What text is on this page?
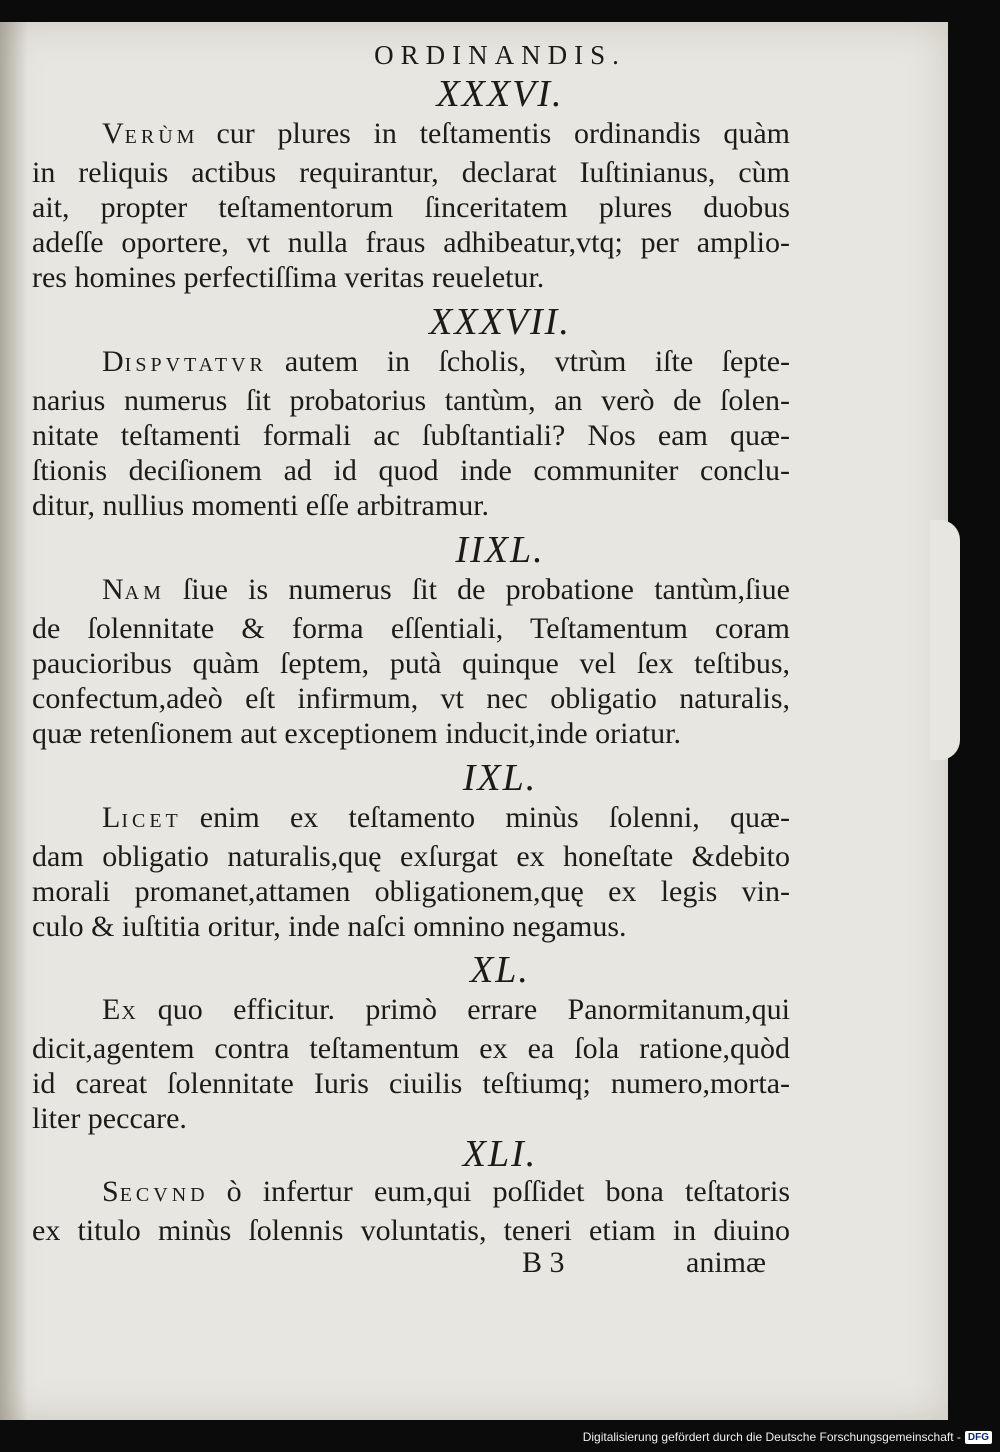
ORDINANDIS.
XXXVI.
VERÙM cur plures in teſtamentis ordinandis quàm
in reliquis actibus requirantur, declarat Iuſtinianus, cùm
ait, propter teſtamentorum ſinceritatem plures duobus
adeſſe oportere, vt nulla fraus adhibeatur,vtq; per amplio-
res homines perfectiſſima veritas reueletur.
XXXVII.
DISPVTATVR autem in ſcholis, vtrùm iſte ſepte-
narius numerus ſit probatorius tantùm, an verò de ſolen-
nitate teſtamenti formali ac ſubſtantiali? Nos eam quæ-
ſtionis deciſionem ad id quod inde communiter conclu-
ditur, nullius momenti eſſe arbitramur.
IIXL.
NAM ſiue is numerus ſit de probatione tantùm,ſiue
de ſolennitate & forma eſſentiali, Teſtamentum coram
paucioribus quàm ſeptem, putà quinque vel ſex teſtibus,
confectum,adeò eſt infirmum, vt nec obligatio naturalis,
quæ retenſionem aut exceptionem inducit,inde oriatur.
IXL.
LICET enim ex teſtamento minùs ſolenni, quæ-
dam obligatio naturalis,quę exſurgat ex honeſtate &debito
morali promanet,attamen obligationem,quę ex legis vin-
culo & iuſtitia oritur, inde naſci omnino negamus.
XL.
EX quo efficitur. primò errare Panormitanum,qui
dicit,agentem contra teſtamentum ex ea ſola ratione,quòd
id careat ſolennitate Iuris ciuilis teſtiumq; numero,morta-
liter peccare.
XLI.
SECVND ò infertur eum,qui poſſidet bona teſtatoris
ex titulo minùs ſolennis voluntatis, teneri etiam in diuino
B 3	animæ
Digitalisierung gefördert durch die Deutsche Forschungsgemeinschaft - DFG
